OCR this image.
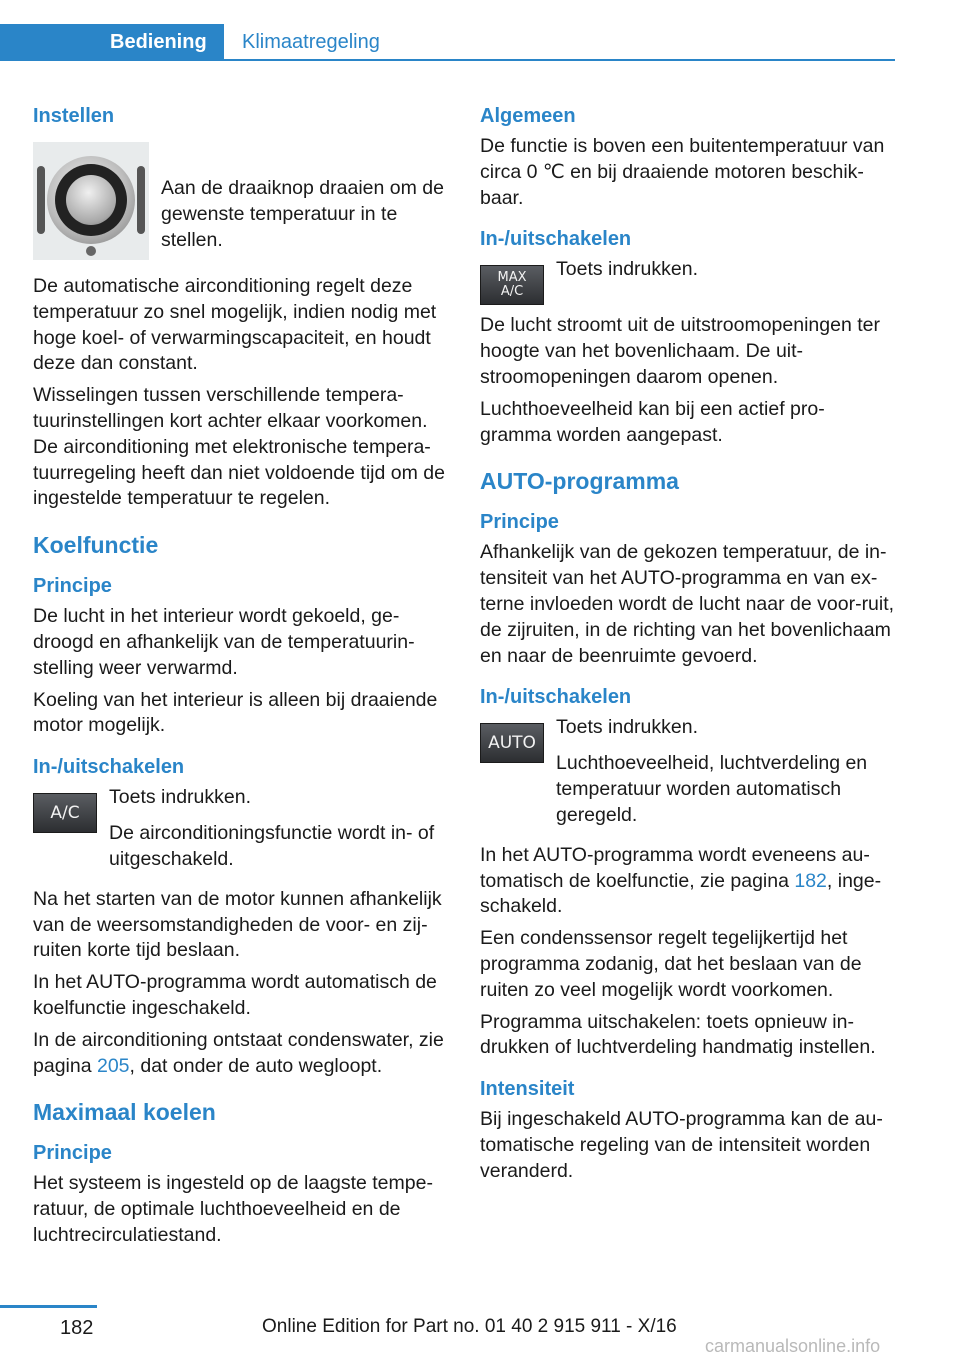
Bediening	Klimaatregeling
Instellen
Aan de draaiknop draaien om de gewenste temperatuur in te stellen.

De automatische airconditioning regelt deze temperatuur zo snel mogelijk, indien nodig met hoge koel- of verwarmingscapaciteit, en houdt deze dan constant.

Wisselingen tussen verschillende tempera‐tuurinstellingen kort achter elkaar voorkomen. De airconditioning met elektronische tempera‐tuurregeling heeft dan niet voldoende tijd om de ingestelde temperatuur te regelen.

Koelfunctie
Principe

De lucht in het interieur wordt gekoeld, ge‐droogd en afhankelijk van de temperatuurin‐stelling weer verwarmd.

Koeling van het interieur is alleen bij draaiende motor mogelijk.

In-/uitschakelen
A/C
Toets indrukken.

De airconditioningsfunctie wordt in- of uitgeschakeld.

Na het starten van de motor kunnen afhankelijk van de weersomstandigheden de voor- en zij‐ruiten korte tijd beslaan.

In het AUTO-programma wordt automatisch de koelfunctie ingeschakeld.

In de airconditioning ontstaat condenswater, zie pagina 205, dat onder de auto wegloopt.

Maximaal koelen
Principe

Het systeem is ingesteld op de laagste tempe‐ratuur, de optimale luchthoeveelheid en de luchtrecirculatiestand.

Algemeen

De functie is boven een buitentemperatuur van circa 0 ℃ en bij draaiende motoren beschik‐baar.

In-/uitschakelen
MAX
A/C
Toets indrukken.

De lucht stroomt uit de uitstroomopeningen ter hoogte van het bovenlichaam. De uit‐stroomopeningen daarom openen.

Luchthoeveelheid kan bij een actief pro‐gramma worden aangepast.

AUTO-programma
Principe

Afhankelijk van de gekozen temperatuur, de in‐tensiteit van het AUTO-programma en van ex‐terne invloeden wordt de lucht naar de voor‐ruit, de zijruiten, in de richting van het bovenlichaam en naar de beenruimte gevoerd.

In-/uitschakelen
AUTO
Toets indrukken.

Luchthoeveelheid, luchtverdeling en temperatuur worden automatisch geregeld.

In het AUTO-programma wordt eveneens au‐tomatisch de koelfunctie, zie pagina 182, inge‐schakeld.

Een condenssensor regelt tegelijkertijd het programma zodanig, dat het beslaan van de ruiten zo veel mogelijk wordt voorkomen.

Programma uitschakelen: toets opnieuw in‐drukken of luchtverdeling handmatig instellen.

Intensiteit

Bij ingeschakeld AUTO-programma kan de au‐tomatische regeling van de intensiteit worden veranderd.

182	Online Edition for Part no. 01 40 2 915 911 - X/16
carmanualsonline.info
